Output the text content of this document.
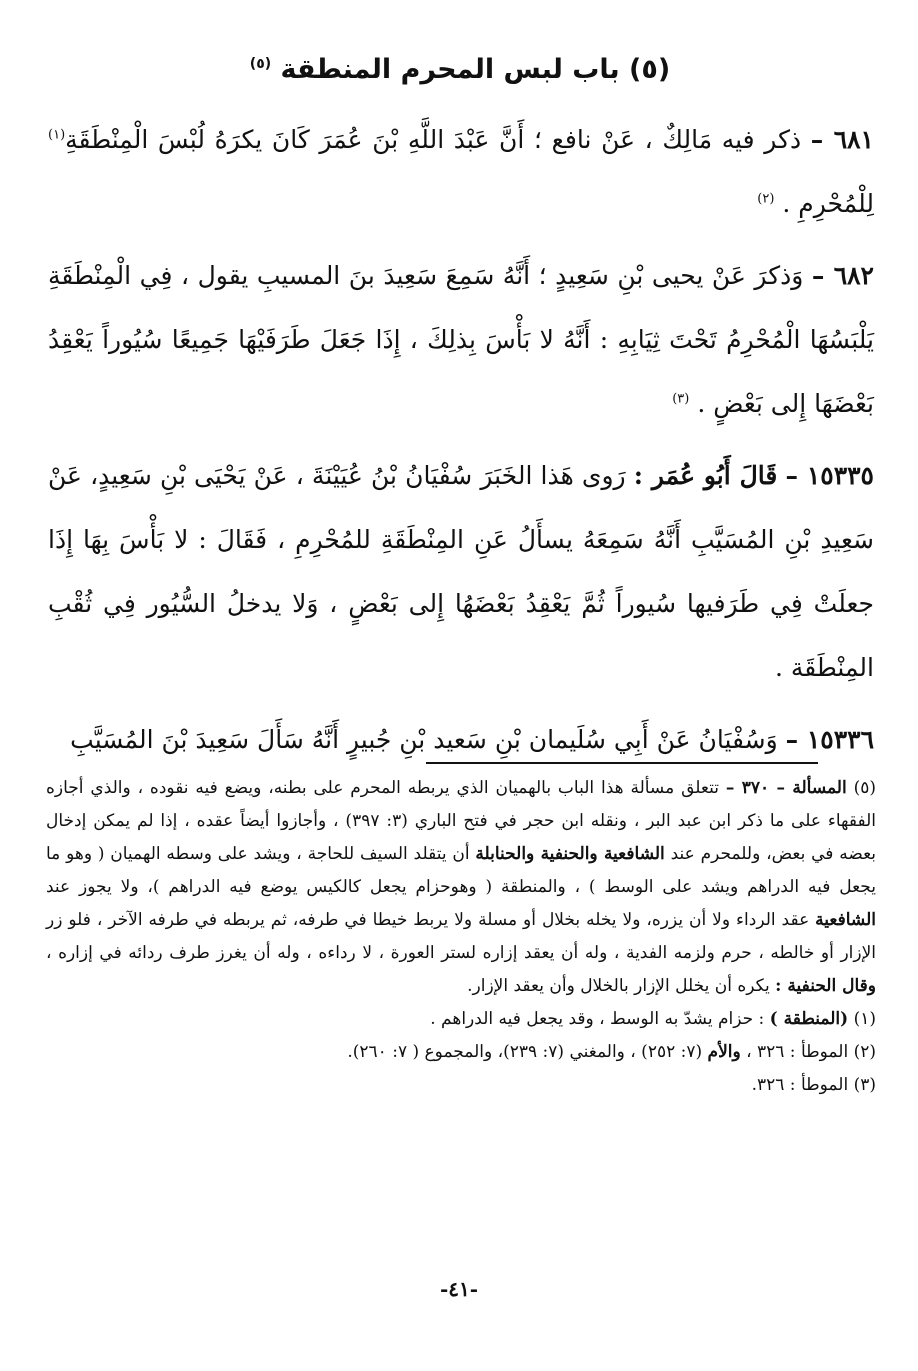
(٥) باب لبس المحرم المنطقة $^{(٥)}$

٦٨١ – ذكر فيه مَالِكٌ ، عَنْ نافع ؛ أَنَّ عَبْدَ اللَّهِ بْنَ عُمَرَ كَانَ يكرَهُ لُبْسَ الْمِنْطَقَةِ$^{(١)}$ لِلْمُحْرِمِ . $^{(٢)}$

٦٨٢ – وَذكرَ عَنْ يحيى بْنِ سَعِيدٍ ؛ أَنَّهُ سَمِعَ سَعِيدَ بنَ المسيبِ يقول ، فِي الْمِنْطَقَةِ يَلْبَسُهَا الْمُحْرِمُ تَحْتَ ثِيَابِهِ : أَنَّهُ لا بَأْسَ بِذلِكَ ، إِذَا جَعَلَ طَرَفَيْهَا جَمِيعًا سُيُوراً يَعْقِدُ بَعْضَهَا إِلى بَعْضٍ . $^{(٣)}$

١٥٣٣٥ – قَالَ أَبُو عُمَر : رَوى هَذا الخَبَرَ سُفْيَانُ بْنُ عُيَيْنَةَ ، عَنْ يَحْيَى بْنِ سَعِيدٍ، عَنْ سَعِيدِ بْنِ المُسَيَّبِ أَنَّهُ سَمِعَهُ يسأَلُ عَنِ المِنْطَقَةِ للمُحْرِمِ ، فَقَالَ : لا بَأْسَ بِهَا إِذَا جعلَتْ فِي طَرَفيها سُيوراً ثُمَّ يَعْقِدُ بَعْضَهُا إِلى بَعْضٍ ، وَلا يدخلُ السُّيُور فِي ثُقْبِ المِنْطَقَة .

١٥٣٣٦ – وَسُفْيَانُ عَنْ أَبِي سُلَيمان بْنِ سَعيد بْنِ جُبيرٍ أَنَّهُ سَأَلَ سَعِيدَ بْنَ المُسَيَّبِ

(٥) المسألة – ٣٧٠ – تتعلق مسألة هذا الباب بالهميان الذي يربطه المحرم على بطنه، ويضع فيه نقوده ، والذي أجازه الفقهاء على ما ذكر ابن عبد البر ، ونقله ابن حجر في فتح الباري (٣: ٣٩٧) ، وأجازوا أيضاً عقده ، إذا لم يمكن إدخال بعضه في بعض، وللمحرم عند الشافعية والحنفية والحنابلة أن يتقلد السيف للحاجة ، ويشد على وسطه الهميان ( وهو ما يجعل فيه الدراهم ويشد على الوسط ) ، والمنطقة ( وهوحزام يجعل كالكيس يوضع فيه الدراهم )، ولا يجوز عند الشافعية عقد الرداء ولا أن يزره، ولا يخله بخلال أو مسلة ولا يربط خيطا في طرفه، ثم يربطه في طرفه الآخر ، فلو زر الإزار أو خالطه ، حرم ولزمه الفدية ، وله أن يعقد إزاره لستر العورة ، لا رداءه ، وله أن يغرز طرف ردائه في إزاره ، وقال الحنفية : يكره أن يخلل الإزار بالخلال وأن يعقد الإزار.

(١) (المنطقة ) : حزام يشدّ به الوسط ، وقد يجعل فيه الدراهم .

(٢) الموطأ : ٣٢٦ ، والأم (٧: ٢٥٢) ، والمغني (٧: ٢٣٩)، والمجموع ( ٧: ٢٦٠).

(٣) الموطأ : ٣٢٦.

-٤١-
